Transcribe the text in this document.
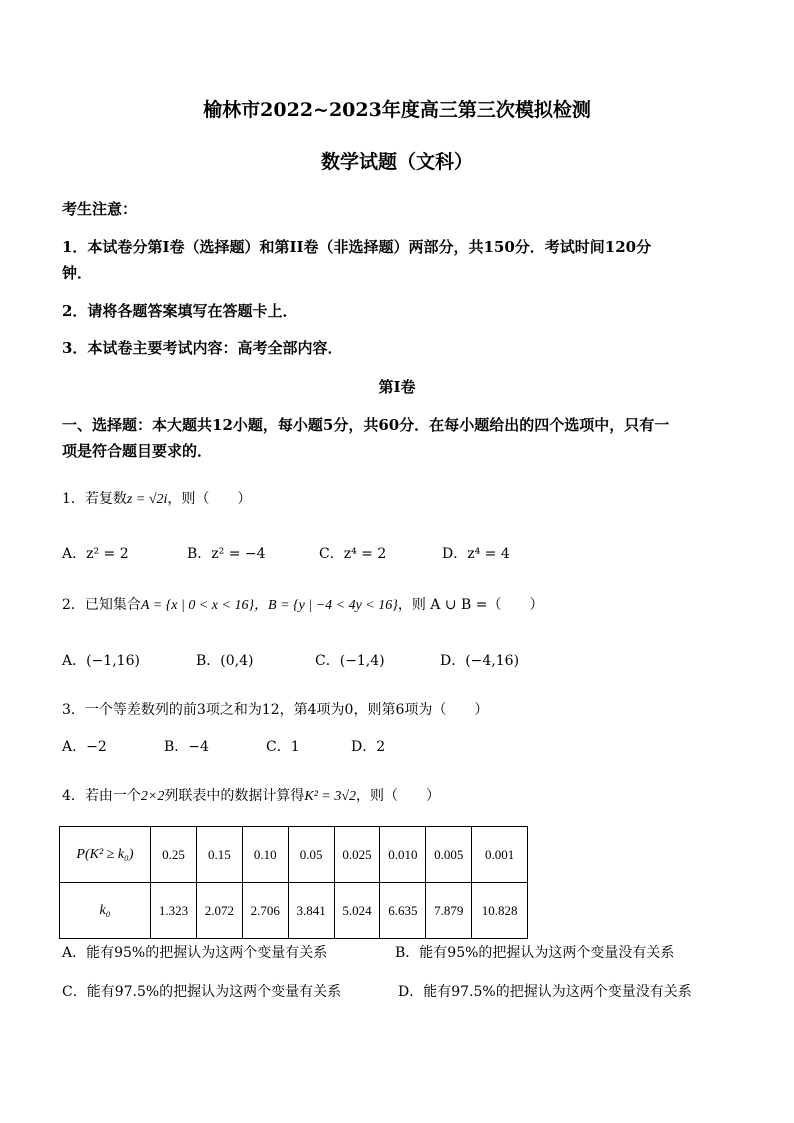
榆林市2022~2023年度高三第三次模拟检测
数学试题（文科）
考生注意：
1．本试卷分第I卷（选择题）和第II卷（非选择题）两部分，共150分．考试时间120分
钟．
2．请将各题答案填写在答题卡上．
3．本试卷主要考试内容：高考全部内容．
第I卷
一、选择题：本大题共12小题，每小题5分，共60分．在每小题给出的四个选项中，只有一
项是符合题目要求的．
1．若复数z = √2i，则（　　）
A．z² = 2	B．z² = −4	C．z⁴ = 2	D．z⁴ = 4
2．已知集合A = {x | 0 < x < 16}，B = {y | −4 < 4y < 16}，则 A ∪ B =（　　）
A．(−1,16)	B．(0,4)	C．(−1,4)	D．(−4,16)
3．一个等差数列的前3项之和为12，第4项为0，则第6项为（　　）
A．−2	B．−4	C．1	D．2
4．若由一个2×2列联表中的数据计算得K² = 3√2，则（　　）
P(K² ≥ k₀)	0.25	0.15	0.10	0.05	0.025	0.010	0.005	0.001
k₀	1.323	2.072	2.706	3.841	5.024	6.635	7.879	10.828
A．能有95%的把握认为这两个变量有关系	B．能有95%的把握认为这两个变量没有关系
C．能有97.5%的把握认为这两个变量有关系	D．能有97.5%的把握认为这两个变量没有关系
